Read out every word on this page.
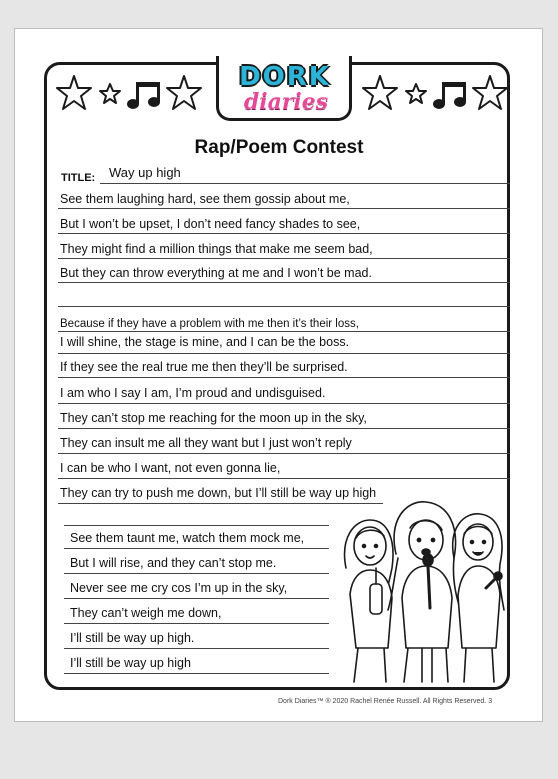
DORK
diaries
Rap/Poem Contest
TITLE: Way up high
See them laughing hard, see them gossip about me,
But I won’t be upset, I don’t need fancy shades to see,
They might find a million things that make me seem bad,
But they can throw everything at me and I won’t be mad.
Because if they have a problem with me then it’s their loss,
I will shine, the stage is mine, and I can be the boss.
If they see the real true me then they’ll be surprised.
I am who I say I am, I’m proud and undisguised.
They can’t stop me reaching for the moon up in the sky,
They can insult me all they want but I just won’t reply
I can be who I want, not even gonna lie,
They can try to push me down, but I’ll still be way up high
See them taunt me, watch them mock me,
But I will rise, and they can’t stop me.
Never see me cry cos I’m up in the sky,
They can’t weigh me down,
I’ll still be way up high.
I’ll still be way up high
Dork Diaries™ ® 2020 Rachel Renée Russell. All Rights Reserved. 3
